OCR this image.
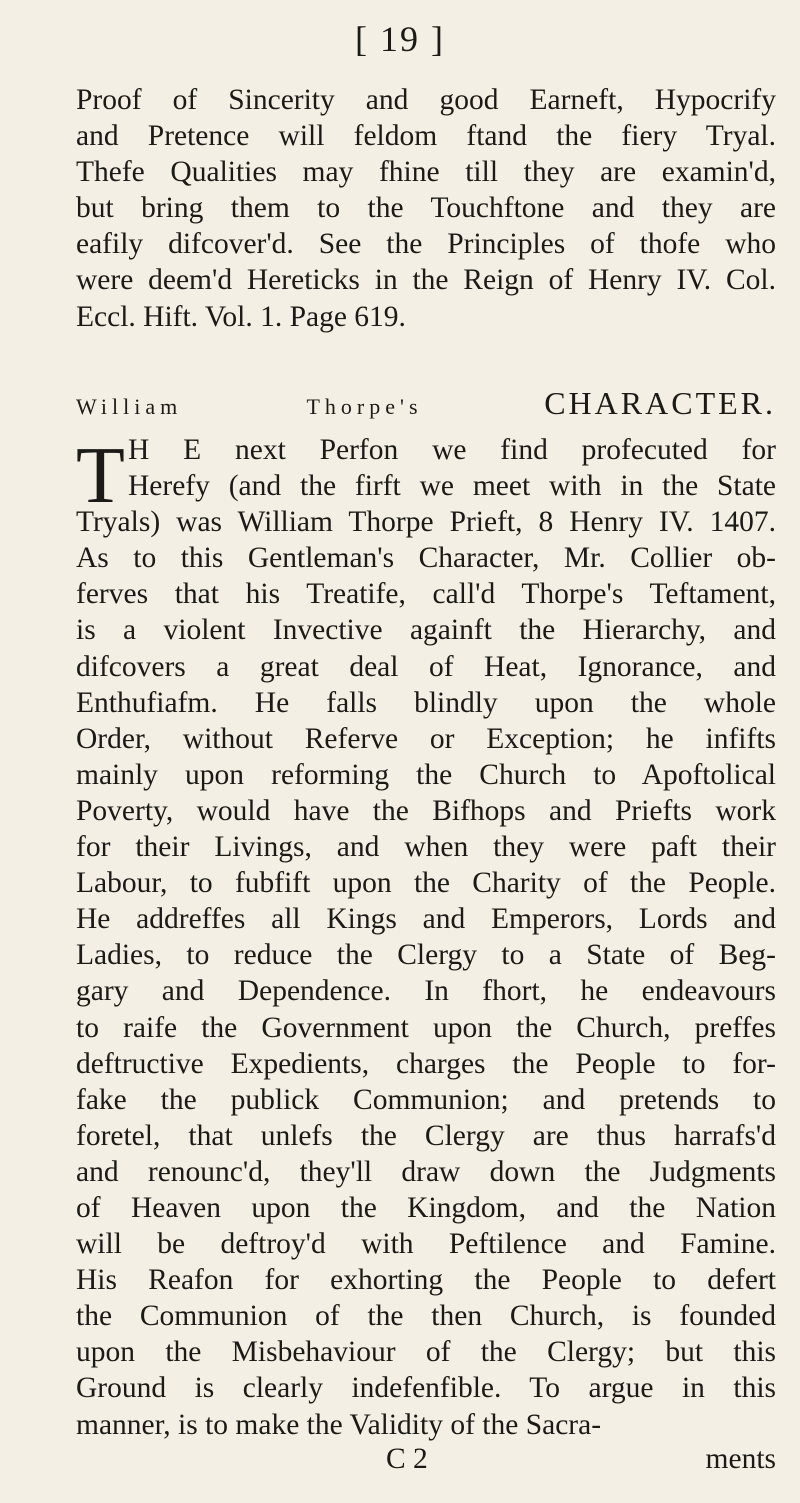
[ 19 ]
Proof of Sincerity and good Earneft, Hypocrify
and Pretence will feldom ftand the fiery Tryal.
Thefe Qualities may fhine till they are examin'd,
but bring them to the Touchftone and they are
eafily difcover'd. See the Principles of thofe who
were deem'd Hereticks in the Reign of Henry IV. Col.
Eccl. Hift. Vol. 1. Page 619.
William Thorpe's	CHARACTER.
T H E next Perfon we find profecuted for
Herefy (and the firft we meet with in the State
Tryals) was William Thorpe Prieft, 8 Henry IV. 1407.
As to this Gentleman's Character, Mr. Collier ob-
ferves that his Treatife, call'd Thorpe's Teftament,
is a violent Invective againft the Hierarchy, and
difcovers a great deal of Heat, Ignorance, and
Enthufiafm. He falls blindly upon the whole
Order, without Referve or Exception; he infifts
mainly upon reforming the Church to Apoftolical
Poverty, would have the Bifhops and Priefts work
for their Livings, and when they were paft their
Labour, to fubfift upon the Charity of the People.
He addreffes all Kings and Emperors, Lords and
Ladies, to reduce the Clergy to a State of Beg-
gary and Dependence. In fhort, he endeavours
to raife the Government upon the Church, preffes
deftructive Expedients, charges the People to for-
fake the publick Communion; and pretends to
foretel, that unlefs the Clergy are thus harrafs'd
and renounc'd, they'll draw down the Judgments
of Heaven upon the Kingdom, and the Nation
will be deftroy'd with Peftilence and Famine.
His Reafon for exhorting the People to defert
the Communion of the then Church, is founded
upon the Misbehaviour of the Clergy; but this
Ground is clearly indefenfible. To argue in this
manner, is to make the Validity of the Sacra-
C 2	ments
